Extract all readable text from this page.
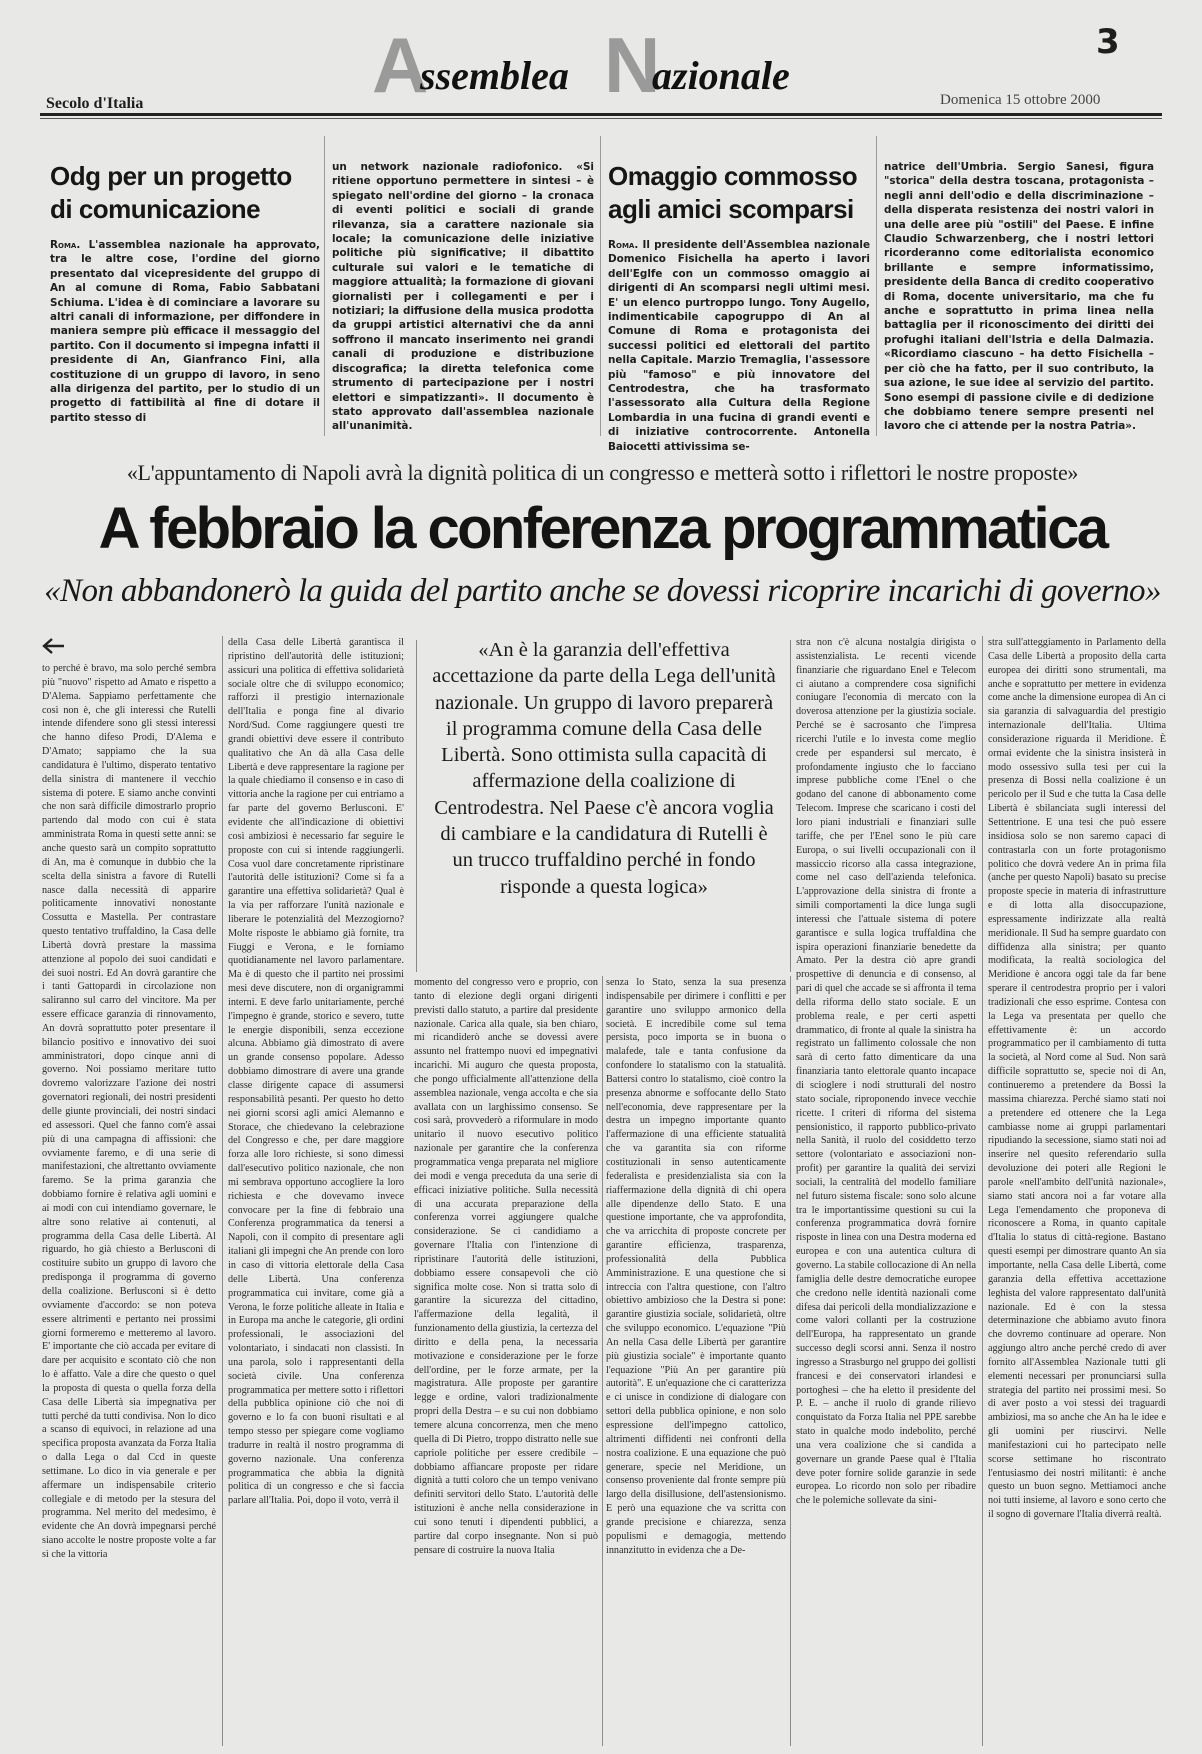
A
ssemblea N
azionale
3
Secolo d'Italia	Domenica 15 ottobre 2000
Odg per un progetto di comunicazione

Roma. L'assemblea nazionale ha approvato, tra le altre cose, l'ordine del giorno presentato dal vicepresidente del gruppo di An al comune di Roma, Fabio Sabbatani Schiuma. L'idea è di cominciare a lavorare su altri canali di informazione, per diffondere in maniera sempre più efficace il messaggio del partito. Con il documento si impegna infatti il presidente di An, Gianfranco Fini, alla costituzione di un gruppo di lavoro, in seno alla dirigenza del partito, per lo studio di un progetto di fattibilità al fine di dotare il partito stesso di

un network nazionale radiofonico. «Si ritiene opportuno permettere in sintesi – è spiegato nell'ordine del giorno – la cronaca di eventi politici e sociali di grande rilevanza, sia a carattere nazionale sia locale; la comunicazione delle iniziative politiche più significative; il dibattito culturale sui valori e le tematiche di maggiore attualità; la formazione di giovani giornalisti per i collegamenti e per i notiziari; la diffusione della musica prodotta da gruppi artistici alternativi che da anni soffrono il mancato inserimento nei grandi canali di produzione e distribuzione discografica; la diretta telefonica come strumento di partecipazione per i nostri elettori e simpatizzanti». Il documento è stato approvato dall'assemblea nazionale all'unanimità.

Omaggio commosso agli amici scomparsi

Roma. Il presidente dell'Assemblea nazionale Domenico Fisichella ha aperto i lavori dell'Eglfe con un commosso omaggio ai dirigenti di An scomparsi negli ultimi mesi. E' un elenco purtroppo lungo. Tony Augello, indimenticabile capogruppo di An al Comune di Roma e protagonista dei successi politici ed elettorali del partito nella Capitale. Marzio Tremaglia, l'assessore più "famoso" e più innovatore del Centrodestra, che ha trasformato l'assessorato alla Cultura della Regione Lombardia in una fucina di grandi eventi e di iniziative controcorrente. Antonella Baiocetti attivissima se-

natrice dell'Umbria. Sergio Sanesi, figura "storica" della destra toscana, protagonista – negli anni dell'odio e della discriminazione – della disperata resistenza dei nostri valori in una delle aree più "ostili" del Paese. E infine Claudio Schwarzenberg, che i nostri lettori ricorderanno come editorialista economico brillante e sempre informatissimo, presidente della Banca di credito cooperativo di Roma, docente universitario, ma che fu anche e soprattutto in prima linea nella battaglia per il riconoscimento dei diritti dei profughi italiani dell'Istria e della Dalmazia. «Ricordiamo ciascuno – ha detto Fisichella – per ciò che ha fatto, per il suo contributo, la sua azione, le sue idee al servizio del partito. Sono esempi di passione civile e di dedizione che dobbiamo tenere sempre presenti nel lavoro che ci attende per la nostra Patria».

«L'appuntamento di Napoli avrà la dignità politica di un congresso e metterà sotto i riflettori le nostre proposte»
A febbraio la conferenza programmatica
«Non abbandonerò la guida del partito anche se dovessi ricoprire incarichi di governo»

to perché è bravo, ma solo perché sembra più "nuovo" rispetto ad Amato e rispetto a D'Alema. Sappiamo perfettamente che così non è, che gli interessi che Rutelli intende difendere sono gli stessi interessi che hanno difeso Prodi, D'Alema e D'Amato; sappiamo che la sua candidatura è l'ultimo, disperato tentativo della sinistra di mantenere il vecchio sistema di potere. E siamo anche convinti che non sarà difficile dimostrarlo proprio partendo dal modo con cui è stata amministrata Roma in questi sette anni: se anche questo sarà un compito soprattutto di An, ma è comunque in dubbio che la scelta della sinistra a favore di Rutelli nasce dalla necessità di apparire politicamente innovativi nonostante Cossutta e Mastella. Per contrastare questo tentativo truffaldino, la Casa delle Libertà dovrà prestare la massima attenzione al popolo dei suoi candidati e dei suoi nostri. Ed An dovrà garantire che i tanti Gattopardi in circolazione non saliranno sul carro del vincitore. Ma per essere efficace garanzia di rinnovamento, An dovrà soprattutto poter presentare il bilancio positivo e innovativo dei suoi amministratori, dopo cinque anni di governo. Noi possiamo meritare tutto dovremo valorizzare l'azione dei nostri governatori regionali, dei nostri presidenti delle giunte provinciali, dei nostri sindaci ed assessori. Quel che fanno com'è assai più di una campagna di affissioni: che ovviamente faremo, e di una serie di manifestazioni, che altrettanto ovviamente faremo. Se la prima garanzia che dobbiamo fornire è relativa agli uomini e ai modi con cui intendiamo governare, le altre sono relative ai contenuti, al programma della Casa delle Libertà. Al riguardo, ho già chiesto a Berlusconi di costituire subito un gruppo di lavoro che predisponga il programma di governo della coalizione. Berlusconi si è detto ovviamente d'accordo: se non poteva essere altrimenti e pertanto nei prossimi giorni formeremo e metteremo al lavoro. E' importante che ciò accada per evitare di dare per acquisito e scontato ciò che non lo è affatto. Vale a dire che questo o quel la proposta di questa o quella forza della Casa delle Libertà sia impegnativa per tutti perché da tutti condivisa. Non lo dico a scanso di equivoci, in relazione ad una specifica proposta avanzata da Forza Italia o dalla Lega o dal Ccd in queste settimane. Lo dico in via generale e per affermare un indispensabile criterio collegiale e di metodo per la stesura del programma. Nel merito del medesimo, è evidente che An dovrà impegnarsi perché siano accolte le nostre proposte volte a far sì che la vittoria

della Casa delle Libertà garantisca il ripristino dell'autorità delle istituzioni; assicuri una politica di effettiva solidarietà sociale oltre che di sviluppo economico; rafforzi il prestigio internazionale dell'Italia e ponga fine al divario Nord/Sud. Come raggiungere questi tre grandi obiettivi deve essere il contributo qualitativo che An dà alla Casa delle Libertà e deve rappresentare la ragione per la quale chiediamo il consenso e in caso di vittoria anche la ragione per cui entriamo a far parte del governo Berlusconi. E' evidente che all'indicazione di obiettivi così ambiziosi è necessario far seguire le proposte con cui si intende raggiungerli. Cosa vuol dare concretamente ripristinare l'autorità delle istituzioni? Come si fa a garantire una effettiva solidarietà? Qual è la via per rafforzare l'unità nazionale e liberare le potenzialità del Mezzogiorno? Molte risposte le abbiamo già fornite, tra Fiuggi e Verona, e le forniamo quotidianamente nel lavoro parlamentare. Ma è di questo che il partito nei prossimi mesi deve discutere, non di organigrammi interni. E deve farlo unitariamente, perché l'impegno è grande, storico e severo, tutte le energie disponibili, senza eccezione alcuna. Abbiamo già dimostrato di avere un grande consenso popolare. Adesso dobbiamo dimostrare di avere una grande classe dirigente capace di assumersi responsabilità pesanti. Per questo ho detto nei giorni scorsi agli amici Alemanno e Storace, che chiedevano la celebrazione del Congresso e che, per dare maggiore forza alle loro richieste, si sono dimessi dall'esecutivo politico nazionale, che non mi sembrava opportuno accogliere la loro richiesta e che dovevamo invece convocare per la fine di febbraio una Conferenza programmatica da tenersi a Napoli, con il compito di presentare agli italiani gli impegni che An prende con loro in caso di vittoria elettorale della Casa delle Libertà. Una conferenza programmatica cui invitare, come già a Verona, le forze politiche alleate in Italia e in Europa ma anche le categorie, gli ordini professionali, le associazioni del volontariato, i sindacati non classisti. In una parola, solo i rappresentanti della società civile. Una conferenza programmatica per mettere sotto i riflettori della pubblica opinione ciò che noi di governo e lo fa con buoni risultati e al tempo stesso per spiegare come vogliamo tradurre in realtà il nostro programma di governo nazionale. Una conferenza programmatica che abbia la dignità politica di un congresso e che si faccia parlare all'Italia. Poi, dopo il voto, verrà il

«An è la garanzia dell'effettiva accettazione da parte della Lega dell'unità nazionale. Un gruppo di lavoro preparerà il programma comune della Casa delle Libertà. Sono ottimista sulla capacità di affermazione della coalizione di Centrodestra. Nel Paese c'è ancora voglia di cambiare e la candidatura di Rutelli è un trucco truffaldino perché in fondo risponde a questa logica»

momento del congresso vero e proprio, con tanto di elezione degli organi dirigenti previsti dallo statuto, a partire dal presidente nazionale. Carica alla quale, sia ben chiaro, mi ricandiderò anche se dovessi avere assunto nel frattempo nuovi ed impegnativi incarichi. Mi auguro che questa proposta, che pongo ufficialmente all'attenzione della assemblea nazionale, venga accolta e che sia avallata con un larghissimo consenso. Se così sarà, provvederò a riformulare in modo unitario il nuovo esecutivo politico nazionale per garantire che la conferenza programmatica venga preparata nel migliore dei modi e venga preceduta da una serie di efficaci iniziative politiche. Sulla necessità di una accurata preparazione della conferenza vorrei aggiungere qualche considerazione. Se ci candidiamo a governare l'Italia con l'intenzione di ripristinare l'autorità delle istituzioni, dobbiamo essere consapevoli che ciò significa molte cose. Non si tratta solo di garantire la sicurezza del cittadino, l'affermazione della legalità, il funzionamento della giustizia, la certezza del diritto e della pena, la necessaria motivazione e considerazione per le forze dell'ordine, per le forze armate, per la magistratura. Alle proposte per garantire legge e ordine, valori tradizionalmente propri della Destra – e su cui non dobbiamo temere alcuna concorrenza, men che meno quella di Di Pietro, troppo distratto nelle sue capriole politiche per essere credibile – dobbiamo affiancare proposte per ridare dignità a tutti coloro che un tempo venivano definiti servitori dello Stato. L'autorità delle istituzioni è anche nella considerazione in cui sono tenuti i dipendenti pubblici, a partire dal corpo insegnante. Non si può pensare di costruire la nuova Italia

senza lo Stato, senza la sua presenza indispensabile per dirimere i conflitti e per garantire uno sviluppo armonico della società. E incredibile come sul tema persista, poco importa se in buona o malafede, tale e tanta confusione da confondere lo statalismo con la statualità. Battersi contro lo statalismo, cioè contro la presenza abnorme e soffocante dello Stato nell'economia, deve rappresentare per la destra un impegno importante quanto l'affermazione di una efficiente statualità che va garantita sia con riforme costituzionali in senso autenticamente federalista e presidenzialista sia con la riaffermazione della dignità di chi opera alle dipendenze dello Stato. E una questione importante, che va approfondita, che va arricchita di proposte concrete per garantire efficienza, trasparenza, professionalità della Pubblica Amministrazione. E una questione che si intreccia con l'altra questione, con l'altro obiettivo ambizioso che la Destra si pone: garantire giustizia sociale, solidarietà, oltre che sviluppo economico. L'equazione "Più An nella Casa delle Libertà per garantire più giustizia sociale" è importante quanto l'equazione "Più An per garantire più autorità". E un'equazione che ci caratterizza e ci unisce in condizione di dialogare con settori della pubblica opinione, e non solo espressione dell'impegno cattolico, altrimenti diffidenti nei confronti della nostra coalizione. E una equazione che può generare, specie nel Meridione, un consenso proveniente dal fronte sempre più largo della disillusione, dell'astensionismo. E però una equazione che va scritta con grande precisione e chiarezza, senza populismi e demagogia, mettendo innanzitutto in evidenza che a De-

stra non c'è alcuna nostalgia dirigista o assistenzialista. Le recenti vicende finanziarie che riguardano Enel e Telecom ci aiutano a comprendere cosa significhi coniugare l'economia di mercato con la doverosa attenzione per la giustizia sociale. Perché se è sacrosanto che l'impresa ricerchi l'utile e lo investa come meglio crede per espandersi sul mercato, è profondamente ingiusto che lo facciano imprese pubbliche come l'Enel o che godano del canone di abbonamento come Telecom. Imprese che scaricano i costi del loro piani industriali e finanziari sulle tariffe, che per l'Enel sono le più care Europa, o sui livelli occupazionali con il massiccio ricorso alla cassa integrazione, come nel caso dell'azienda telefonica. L'approvazione della sinistra di fronte a simili comportamenti la dice lunga sugli interessi che l'attuale sistema di potere garantisce e sulla logica truffaldina che ispira operazioni finanziarie benedette da Amato. Per la destra ciò apre grandi prospettive di denuncia e di consenso, al pari di quel che accade se si affronta il tema della riforma dello stato sociale. E un problema reale, e per certi aspetti drammatico, di fronte al quale la sinistra ha registrato un fallimento colossale che non sarà di certo fatto dimenticare da una finanziaria tanto elettorale quanto incapace di scioglere i nodi strutturali del nostro stato sociale, riproponendo invece vecchie ricette. I criteri di riforma del sistema pensionistico, il rapporto pubblico-privato nella Sanità, il ruolo del cosiddetto terzo settore (volontariato e associazioni non-profit) per garantire la qualità dei servizi sociali, la centralità del modello familiare nel futuro sistema fiscale: sono solo alcune tra le importantissime questioni su cui la conferenza programmatica dovrà fornire risposte in linea con una Destra moderna ed europea e con una autentica cultura di governo. La stabile collocazione di An nella famiglia delle destre democratiche europee che credono nelle identità nazionali come difesa dai pericoli della mondializzazione e come valori collanti per la costruzione dell'Europa, ha rappresentato un grande successo degli scorsi anni. Senza il nostro ingresso a Strasburgo nel gruppo dei gollisti francesi e dei conservatori irlandesi e portoghesi – che ha eletto il presidente del P. E. – anche il ruolo di grande rilievo conquistato da Forza Italia nel PPE sarebbe stato in qualche modo indebolito, perché una vera coalizione che si candida a governare un grande Paese qual è l'Italia deve poter fornire solide garanzie in sede europea. Lo ricordo non solo per ribadire che le polemiche sollevate da sini-

stra sull'atteggiamento in Parlamento della Casa delle Libertà a proposito della carta europea dei diritti sono strumentali, ma anche e soprattutto per mettere in evidenza come anche la dimensione europea di An ci sia garanzia di salvaguardia del prestigio internazionale dell'Italia. Ultima considerazione riguarda il Meridione. È ormai evidente che la sinistra insisterà in modo ossessivo sulla tesi per cui la presenza di Bossi nella coalizione è un pericolo per il Sud e che tutta la Casa delle Libertà è sbilanciata sugli interessi del Settentrione. E una tesi che può essere insidiosa solo se non saremo capaci di contrastarla con un forte protagonismo politico che dovrà vedere An in prima fila (anche per questo Napoli) basato su precise proposte specie in materia di infrastrutture e di lotta alla disoccupazione, espressamente indirizzate alla realtà meridionale. Il Sud ha sempre guardato con diffidenza alla sinistra; per quanto modificata, la realtà sociologica del Meridione è ancora oggi tale da far bene sperare il centrodestra proprio per i valori tradizionali che esso esprime. Contesa con la Lega va presentata per quello che effettivamente è: un accordo programmatico per il cambiamento di tutta la società, al Nord come al Sud. Non sarà difficile soprattutto se, specie noi di An, continueremo a pretendere da Bossi la massima chiarezza. Perché siamo stati noi a pretendere ed ottenere che la Lega cambiasse nome ai gruppi parlamentari ripudiando la secessione, siamo stati noi ad inserire nel quesito referendario sulla devoluzione dei poteri alle Regioni le parole «nell'ambito dell'unità nazionale», siamo stati ancora noi a far votare alla Lega l'emendamento che proponeva di riconoscere a Roma, in quanto capitale d'Italia lo status di città-regione. Bastano questi esempi per dimostrare quanto An sia importante, nella Casa delle Libertà, come garanzia della effettiva accettazione leghista del valore rappresentato dall'unità nazionale. Ed è con la stessa determinazione che abbiamo avuto finora che dovremo continuare ad operare. Non aggiungo altro anche perché credo di aver fornito all'Assemblea Nazionale tutti gli elementi necessari per pronunciarsi sulla strategia del partito nei prossimi mesi. So di aver posto a voi stessi dei traguardi ambiziosi, ma so anche che An ha le idee e gli uomini per riuscirvi. Nelle manifestazioni cui ho partecipato nelle scorse settimane ho riscontrato l'entusiasmo dei nostri militanti: è anche questo un buon segno. Mettiamoci anche noi tutti insieme, al lavoro e sono certo che il sogno di governare l'Italia diverrà realtà.
